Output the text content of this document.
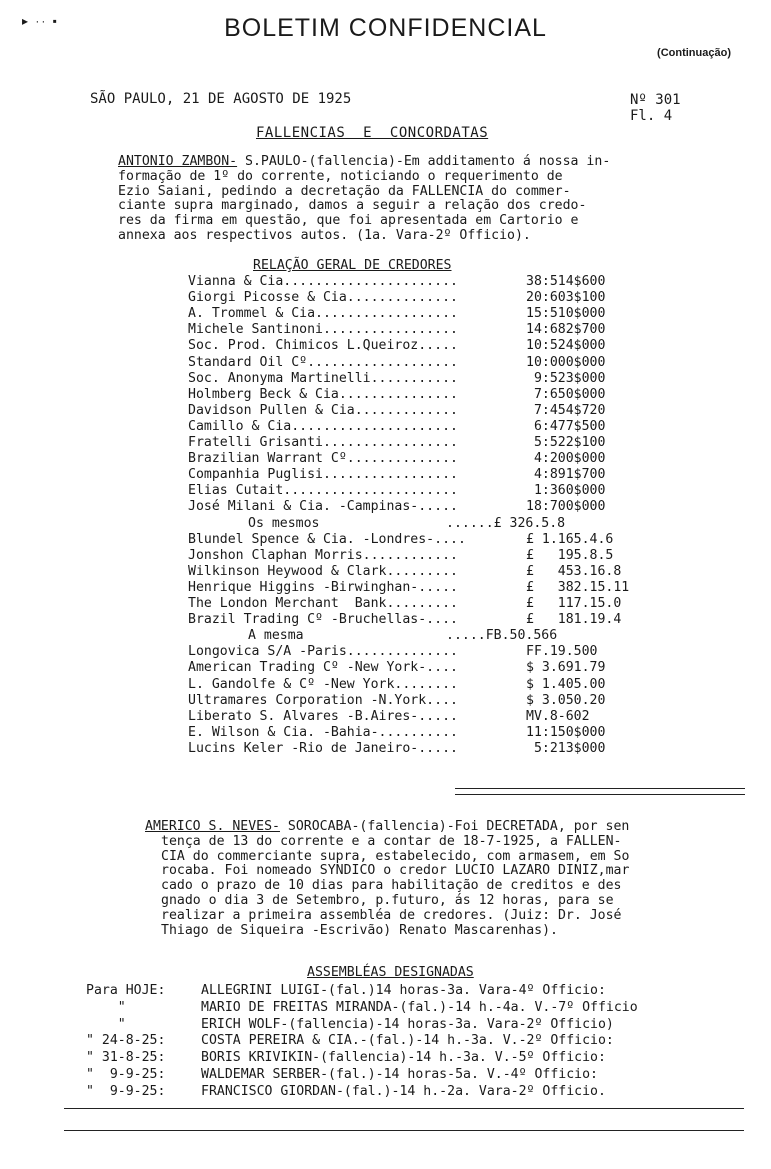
▸ ·· ▪	BOLETIM CONFIDENCIAL
(Continuação)
SÃO PAULO, 21 DE AGOSTO DE 1925	Nº 301
Fl. 4
FALLENCIAS  E  CONCORDATAS
ANTONIO ZAMBON- S.PAULO-(fallencia)-Em additamento á nossa in-
formação de 1º do corrente, noticiando o requerimento de
Ezio Saiani, pedindo a decretação da FALLENCIA do commer-
ciante supra marginado, damos a seguir a relação dos credo-
res da firma em questão, que foi apresentada em Cartorio e
annexa aos respectivos autos. (1a. Vara-2º Officio).
RELAÇÃO GERAL DE CREDORES
Vianna & Cia......................	38:514$600
Giorgi Picosse & Cia..............	20:603$100
A. Trommel & Cia..................	15:510$000
Michele Santinoni.................	14:682$700
Soc. Prod. Chimicos L.Queiroz.....	10:524$000
Standard Oil Cº...................	10:000$000
Soc. Anonyma Martinelli...........	9:523$000
Holmberg Beck & Cia...............	7:650$000
Davidson Pullen & Cia.............	7:454$720
Camillo & Cia.....................	6:477$500
Fratelli Grisanti.................	5:522$100
Brazilian Warrant Cº..............	4:200$000
Companhia Puglisi.................	4:891$700
Elias Cutait......................	1:360$000
José Milani & Cia. -Campinas-.....	18:700$000
Os mesmos	......£ 326.5.8
Blundel Spence & Cia. -Londres-....	£ 1.165.4.6
Jonshon Claphan Morris............	£   195.8.5
Wilkinson Heywood & Clark.........	£   453.16.8
Henrique Higgins -Birwinghan-.....	£   382.15.11
The London Merchant  Bank.........	£   117.15.0
Brazil Trading Cº -Bruchellas-....	£   181.19.4
A mesma	.....FB.50.566
Longovica S/A -Paris..............	FF.19.500
American Trading Cº -New York-....	$ 3.691.79
L. Gandolfe & Cº -New York........	$ 1.405.00
Ultramares Corporation -N.York....	$ 3.050.20
Liberato S. Alvares -B.Aires-.....	MV.8-602
E. Wilson & Cia. -Bahia-..........	11:150$000
Lucins Keler -Rio de Janeiro-.....	5:213$000
AMERICO S. NEVES- SOROCABA-(fallencia)-Foi DECRETADA, por sen
tença de 13 do corrente e a contar de 18-7-1925, a FALLEN-
CIA do commerciante supra, estabelecido, com armasem, em So
rocaba. Foi nomeado SYNDICO o credor LUCIO LAZARO DINIZ,mar
cado o prazo de 10 dias para habilitação de creditos e des
gnado o dia 3 de Setembro, p.futuro, ás 12 horas, para se
realizar a primeira assembléa de credores. (Juiz: Dr. José
Thiago de Siqueira -Escrivão) Renato Mascarenhas).
ASSEMBLÉAS DESIGNADAS
Para HOJE:	ALLEGRINI LUIGI-(fal.)14 horas-3a. Vara-4º Officio:
"	MARIO DE FREITAS MIRANDA-(fal.)-14 h.-4a. V.-7º Officio
"	ERICH WOLF-(fallencia)-14 horas-3a. Vara-2º Officio)
" 24-8-25:	COSTA PEREIRA & CIA.-(fal.)-14 h.-3a. V.-2º Officio:
" 31-8-25:	BORIS KRIVIKIN-(fallencia)-14 h.-3a. V.-5º Officio:
"  9-9-25:	WALDEMAR SERBER-(fal.)-14 horas-5a. V.-4º Officio:
"  9-9-25:	FRANCISCO GIORDAN-(fal.)-14 h.-2a. Vara-2º Officio.
